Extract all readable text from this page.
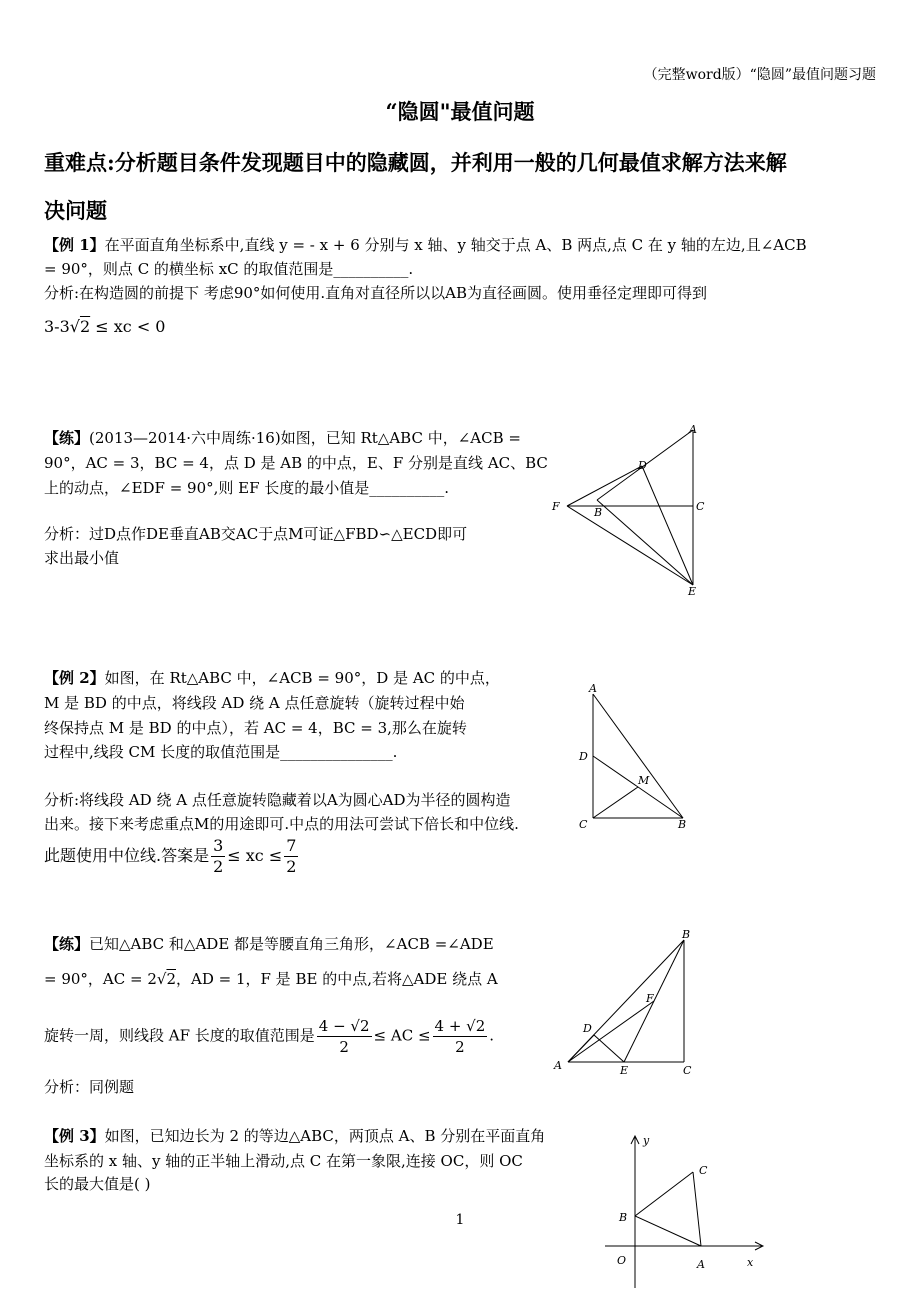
（完整word版）“隐圆”最值问题习题
“隐圆"最值问题
重难点:分析题目条件发现题目中的隐藏圆，并利用一般的几何最值求解方法来解
决问题
【例 1】在平面直角坐标系中,直线 y = - x + 6 分别与 x 轴、y 轴交于点 A、B 两点,点 C 在 y 轴的左边,且∠ACB
= 90°，则点 C 的横坐标 xC 的取值范围是__________.
分析:在构造圆的前提下 考虑90°如何使用.直角对直径所以以AB为直径画圆。使用垂径定理即可得到
3-3√2 ≤ xc < 0
【练】(2013—2014·六中周练·16)如图，已知 Rt△ABC 中，∠ACB =
90°，AC = 3，BC = 4，点 D 是 AB 的中点，E、F 分别是直线 AC、BC
上的动点，∠EDF = 90°,则 EF 长度的最小值是__________.
分析：过D点作DE垂直AB交AC于点M可证△FBD∽△ECD即可
求出最小值
A
D
F	B	C
E
【例 2】如图，在 Rt△ABC 中，∠ACB = 90°，D 是 AC 的中点，
M 是 BD 的中点，将线段 AD 绕 A 点任意旋转（旋转过程中始
终保持点 M 是 BD 的中点），若 AC = 4，BC = 3,那么在旋转
过程中,线段 CM 长度的取值范围是_______________.
分析:将线段 AD 绕 A 点任意旋转隐藏着以A为圆心AD为半径的圆构造
出来。接下来考虑重点M的用途即可.中点的用法可尝试下倍长和中位线.
此题使用中位线.答案是 $\frac{3}{2}$ ≤ xc ≤ $\frac{7}{2}$
A
D
M
C	B
【练】已知△ABC 和△ADE 都是等腰直角三角形，∠ACB =∠ADE
= 90°，AC = 2√2，AD = 1，F 是 BE 的中点,若将△ADE 绕点 A
旋转一周，则线段 AF 长度的取值范围是 $\frac{4 - √2}{2}$ ≤ AC ≤ $\frac{4 + √2}{2}$ .
分析：同例题
B
F
D
A	E	C
【例 3】如图，已知边长为 2 的等边△ABC，两顶点 A、B 分别在平面直角
坐标系的 x 轴、y 轴的正半轴上滑动,点 C 在第一象限,连接 OC，则 OC
长的最大值是( )
y
C
B
O	A	x
1
